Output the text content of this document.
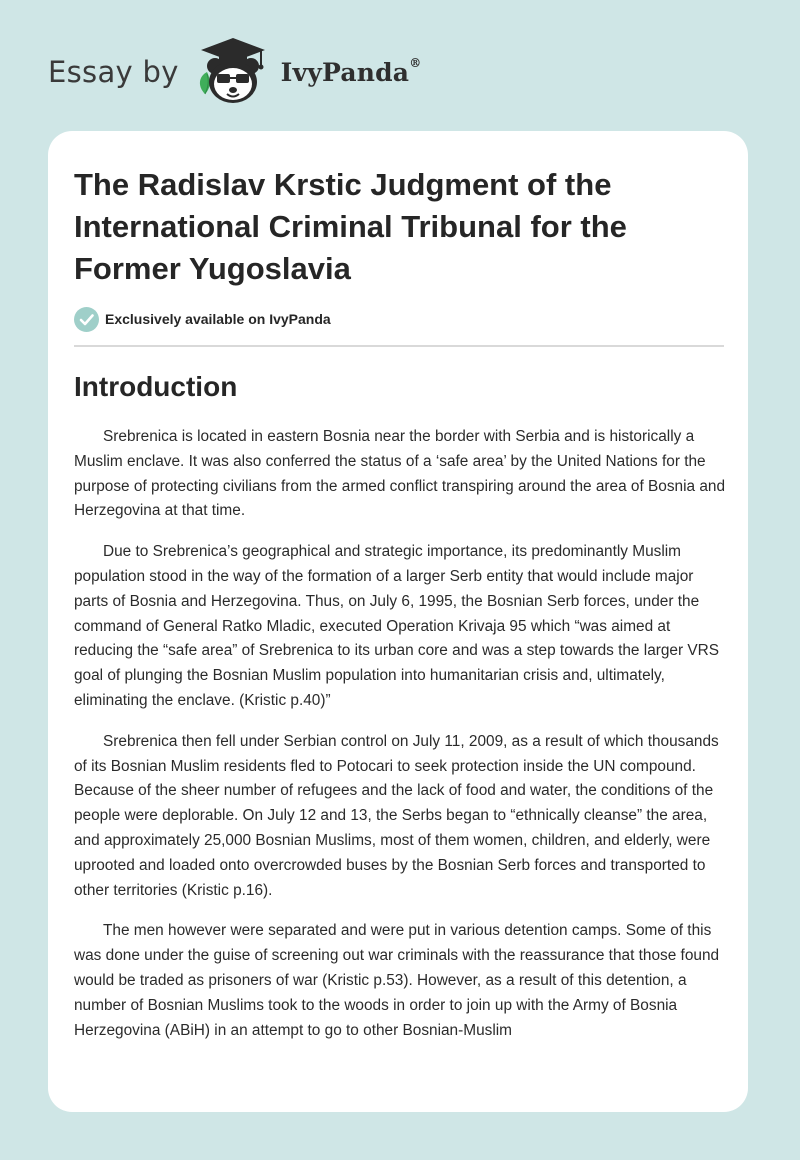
Essay by	IvyPanda®
The Radislav Krstic Judgment of the International Criminal Tribunal for the Former Yugoslavia
Exclusively available on IvyPanda
Introduction

Srebrenica is located in eastern Bosnia near the border with Serbia and is historically a Muslim enclave. It was also conferred the status of a ‘safe area’ by the United Nations for the purpose of protecting civilians from the armed conflict transpiring around the area of Bosnia and Herzegovina at that time.

Due to Srebrenica’s geographical and strategic importance, its predominantly Muslim population stood in the way of the formation of a larger Serb entity that would include major parts of Bosnia and Herzegovina. Thus, on July 6, 1995, the Bosnian Serb forces, under the command of General Ratko Mladic, executed Operation Krivaja 95 which “was aimed at reducing the “safe area” of Srebrenica to its urban core and was a step towards the larger VRS goal of plunging the Bosnian Muslim population into humanitarian crisis and, ultimately, eliminating the enclave. (Kristic p.40)”

Srebrenica then fell under Serbian control on July 11, 2009, as a result of which thousands of its Bosnian Muslim residents fled to Potocari to seek protection inside the UN compound. Because of the sheer number of refugees and the lack of food and water, the conditions of the people were deplorable. On July 12 and 13, the Serbs began to “ethnically cleanse” the area, and approximately 25,000 Bosnian Muslims, most of them women, children, and elderly, were uprooted and loaded onto overcrowded buses by the Bosnian Serb forces and transported to other territories (Kristic p.16).

The men however were separated and were put in various detention camps. Some of this was done under the guise of screening out war criminals with the reassurance that those found would be traded as prisoners of war (Kristic p.53). However, as a result of this detention, a number of Bosnian Muslims took to the woods in order to join up with the Army of Bosnia Herzegovina (ABiH) in an attempt to go to other Bosnian-Muslim
